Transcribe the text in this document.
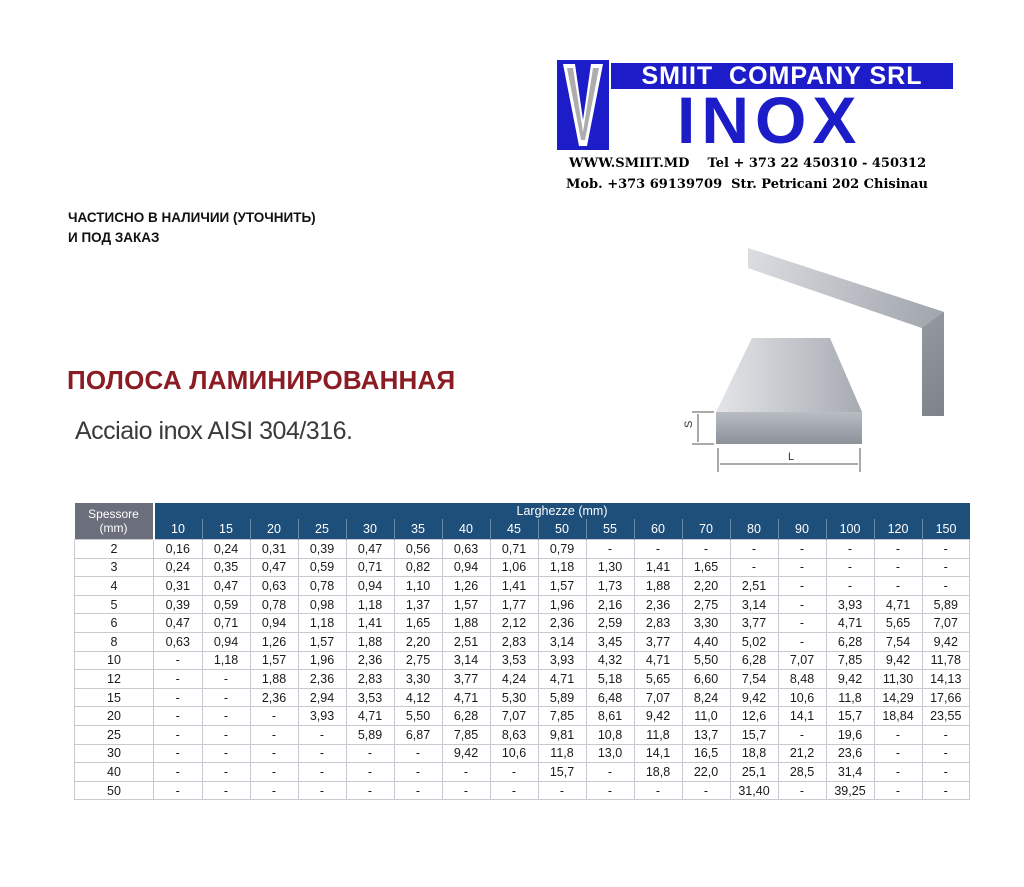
SMIIT  COMPANY SRL
INOX
WWW.SMIIT.MD    Tel + 373 22 450310 - 450312
Mob. +373 69139709  Str. Petricani 202 Chisinau
ЧАСТИСНО В НАЛИЧИИ (УТОЧНИТЬ)
И ПОД ЗАКАЗ
ПОЛОСА ЛАМИНИРОВАННАЯ
Acciaio inox AISI 304/316.	S
L
Spessore (mm)	Larghezze (mm)																
	10	15	20	25	30	35	40	45	50	55	60	70	80	90	100	120	150
2	0,16	0,24	0,31	0,39	0,47	0,56	0,63	0,71	0,79	-	-	-	-	-	-	-	-
3	0,24	0,35	0,47	0,59	0,71	0,82	0,94	1,06	1,18	1,30	1,41	1,65	-	-	-	-	-
4	0,31	0,47	0,63	0,78	0,94	1,10	1,26	1,41	1,57	1,73	1,88	2,20	2,51	-	-	-	-
5	0,39	0,59	0,78	0,98	1,18	1,37	1,57	1,77	1,96	2,16	2,36	2,75	3,14	-	3,93	4,71	5,89
6	0,47	0,71	0,94	1,18	1,41	1,65	1,88	2,12	2,36	2,59	2,83	3,30	3,77	-	4,71	5,65	7,07
8	0,63	0,94	1,26	1,57	1,88	2,20	2,51	2,83	3,14	3,45	3,77	4,40	5,02	-	6,28	7,54	9,42
10	-	1,18	1,57	1,96	2,36	2,75	3,14	3,53	3,93	4,32	4,71	5,50	6,28	7,07	7,85	9,42	11,78
12	-	-	1,88	2,36	2,83	3,30	3,77	4,24	4,71	5,18	5,65	6,60	7,54	8,48	9,42	11,30	14,13
15	-	-	2,36	2,94	3,53	4,12	4,71	5,30	5,89	6,48	7,07	8,24	9,42	10,6	11,8	14,29	17,66
20	-	-	-	3,93	4,71	5,50	6,28	7,07	7,85	8,61	9,42	11,0	12,6	14,1	15,7	18,84	23,55
25	-	-	-	-	5,89	6,87	7,85	8,63	9,81	10,8	11,8	13,7	15,7	-	19,6	-	-
30	-	-	-	-	-	-	9,42	10,6	11,8	13,0	14,1	16,5	18,8	21,2	23,6	-	-
40	-	-	-	-	-	-	-	-	15,7	-	18,8	22,0	25,1	28,5	31,4	-	-
50	-	-	-	-	-	-	-	-	-	-	-	-	31,40	-	39,25	-	-
